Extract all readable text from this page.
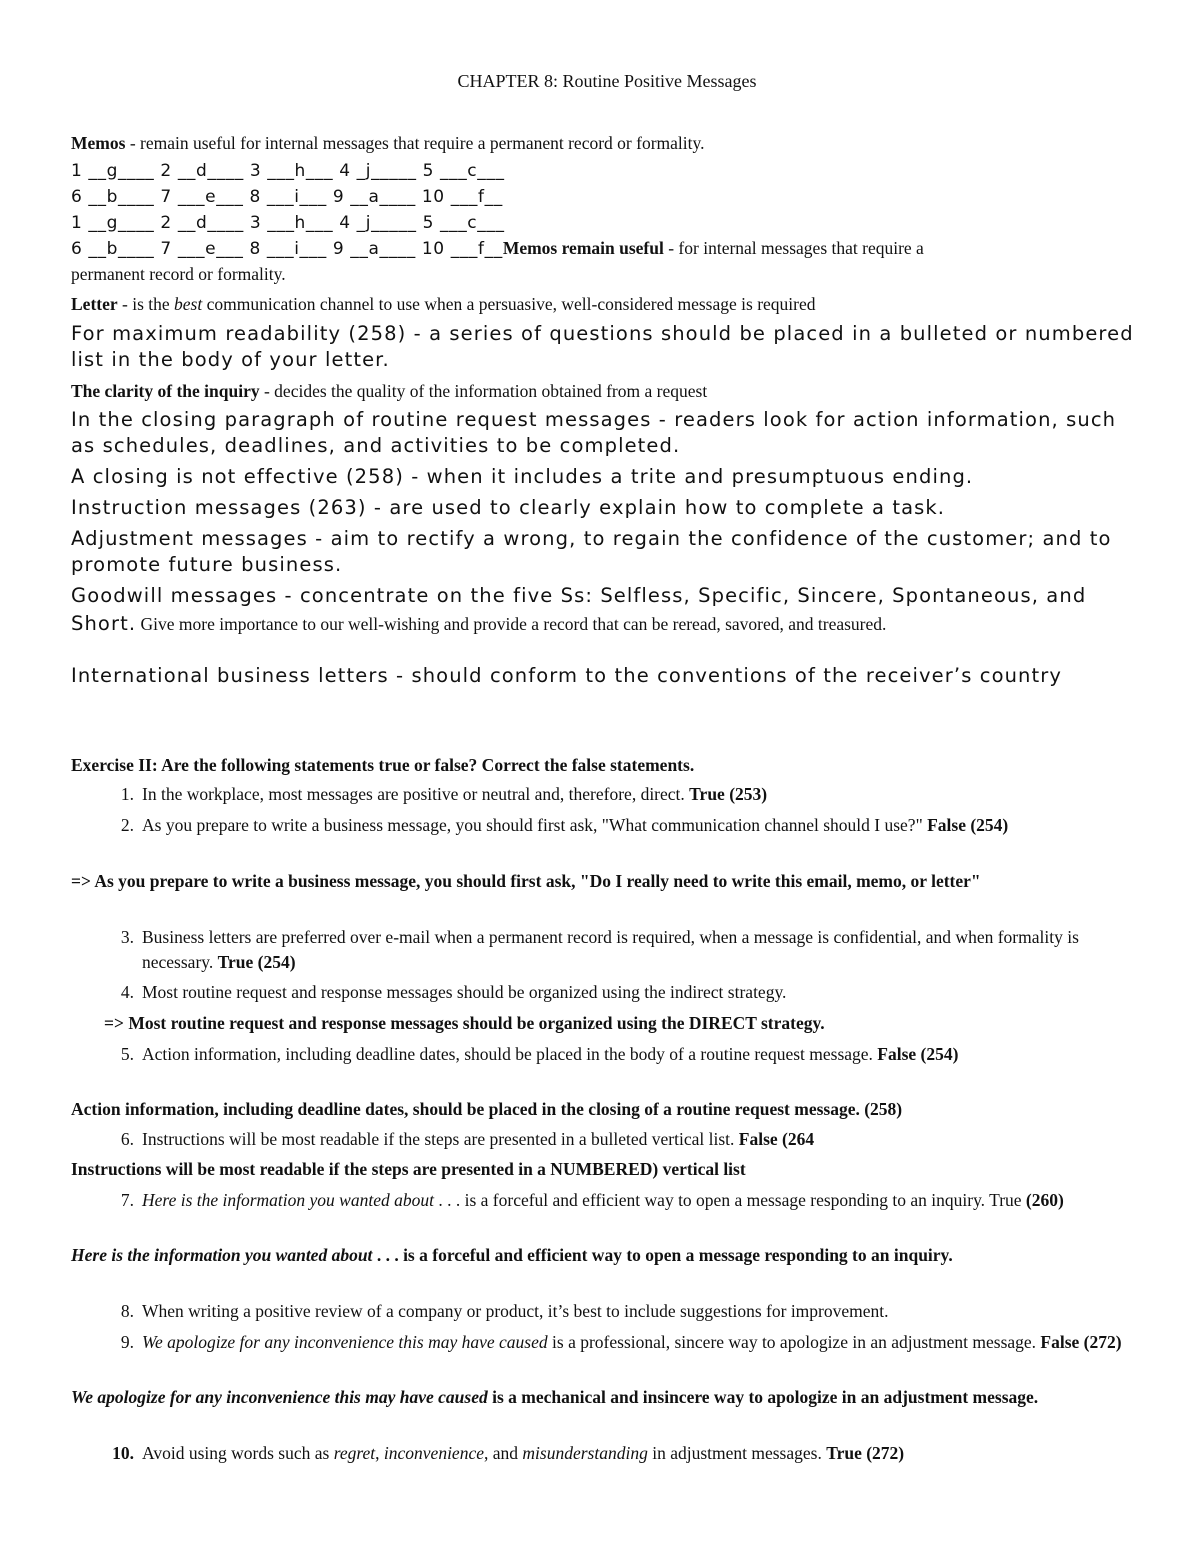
CHAPTER 8: Routine Positive Messages
Memos - remain useful for internal messages that require a permanent record or formality.
1 __g____ 2 __d____ 3 ___h___ 4 _j_____ 5 ___c___
6 __b____ 7 ___e___ 8 ___i___ 9 __a____ 10 ___f__
1 __g____ 2 __d____ 3 ___h___ 4 _j_____ 5 ___c___
6 __b____ 7 ___e___ 8 ___i___ 9 __a____ 10 ___f__Memos remain useful - for internal messages that require a
permanent record or formality.
Letter - is the best communication channel to use when a persuasive, well-considered message is required
For maximum readability (258) - a series of questions should be placed in a bulleted or numbered list in the body of your letter.
The clarity of the inquiry - decides the quality of the information obtained from a request
In the closing paragraph of routine request messages - readers look for action information, such as schedules, deadlines, and activities to be completed.
A closing is not effective (258) - when it includes a trite and presumptuous ending.
Instruction messages (263) - are used to clearly explain how to complete a task.
Adjustment messages - aim to rectify a wrong, to regain the confidence of the customer; and to promote future business.
Goodwill messages - concentrate on the five Ss: Selfless, Specific, Sincere, Spontaneous, and Short. Give more importance to our well-wishing and provide a record that can be reread, savored, and treasured.
International business letters - should conform to the conventions of the receiver’s country
Exercise II: Are the following statements true or false? Correct the false statements.
1. In the workplace, most messages are positive or neutral and, therefore, direct. True (253)
2. As you prepare to write a business message, you should first ask, "What communication channel should I use?" False (254)
=> As you prepare to write a business message, you should first ask, "Do I really need to write this email, memo, or letter"
3. Business letters are preferred over e-mail when a permanent record is required, when a message is confidential, and when formality is necessary. True (254)
4. Most routine request and response messages should be organized using the indirect strategy.
=> Most routine request and response messages should be organized using the DIRECT strategy.
5. Action information, including deadline dates, should be placed in the body of a routine request message. False (254)
Action information, including deadline dates, should be placed in the closing of a routine request message. (258)
6. Instructions will be most readable if the steps are presented in a bulleted vertical list. False (264
Instructions will be most readable if the steps are presented in a NUMBERED) vertical list
7. Here is the information you wanted about . . . is a forceful and efficient way to open a message responding to an inquiry. True (260)
Here is the information you wanted about . . . is a forceful and efficient way to open a message responding to an inquiry.
8. When writing a positive review of a company or product, it’s best to include suggestions for improvement.
9. We apologize for any inconvenience this may have caused is a professional, sincere way to apologize in an adjustment message. False (272)
We apologize for any inconvenience this may have caused is a mechanical and insincere way to apologize in an adjustment message.
10. Avoid using words such as regret, inconvenience, and misunderstanding in adjustment messages. True (272)
